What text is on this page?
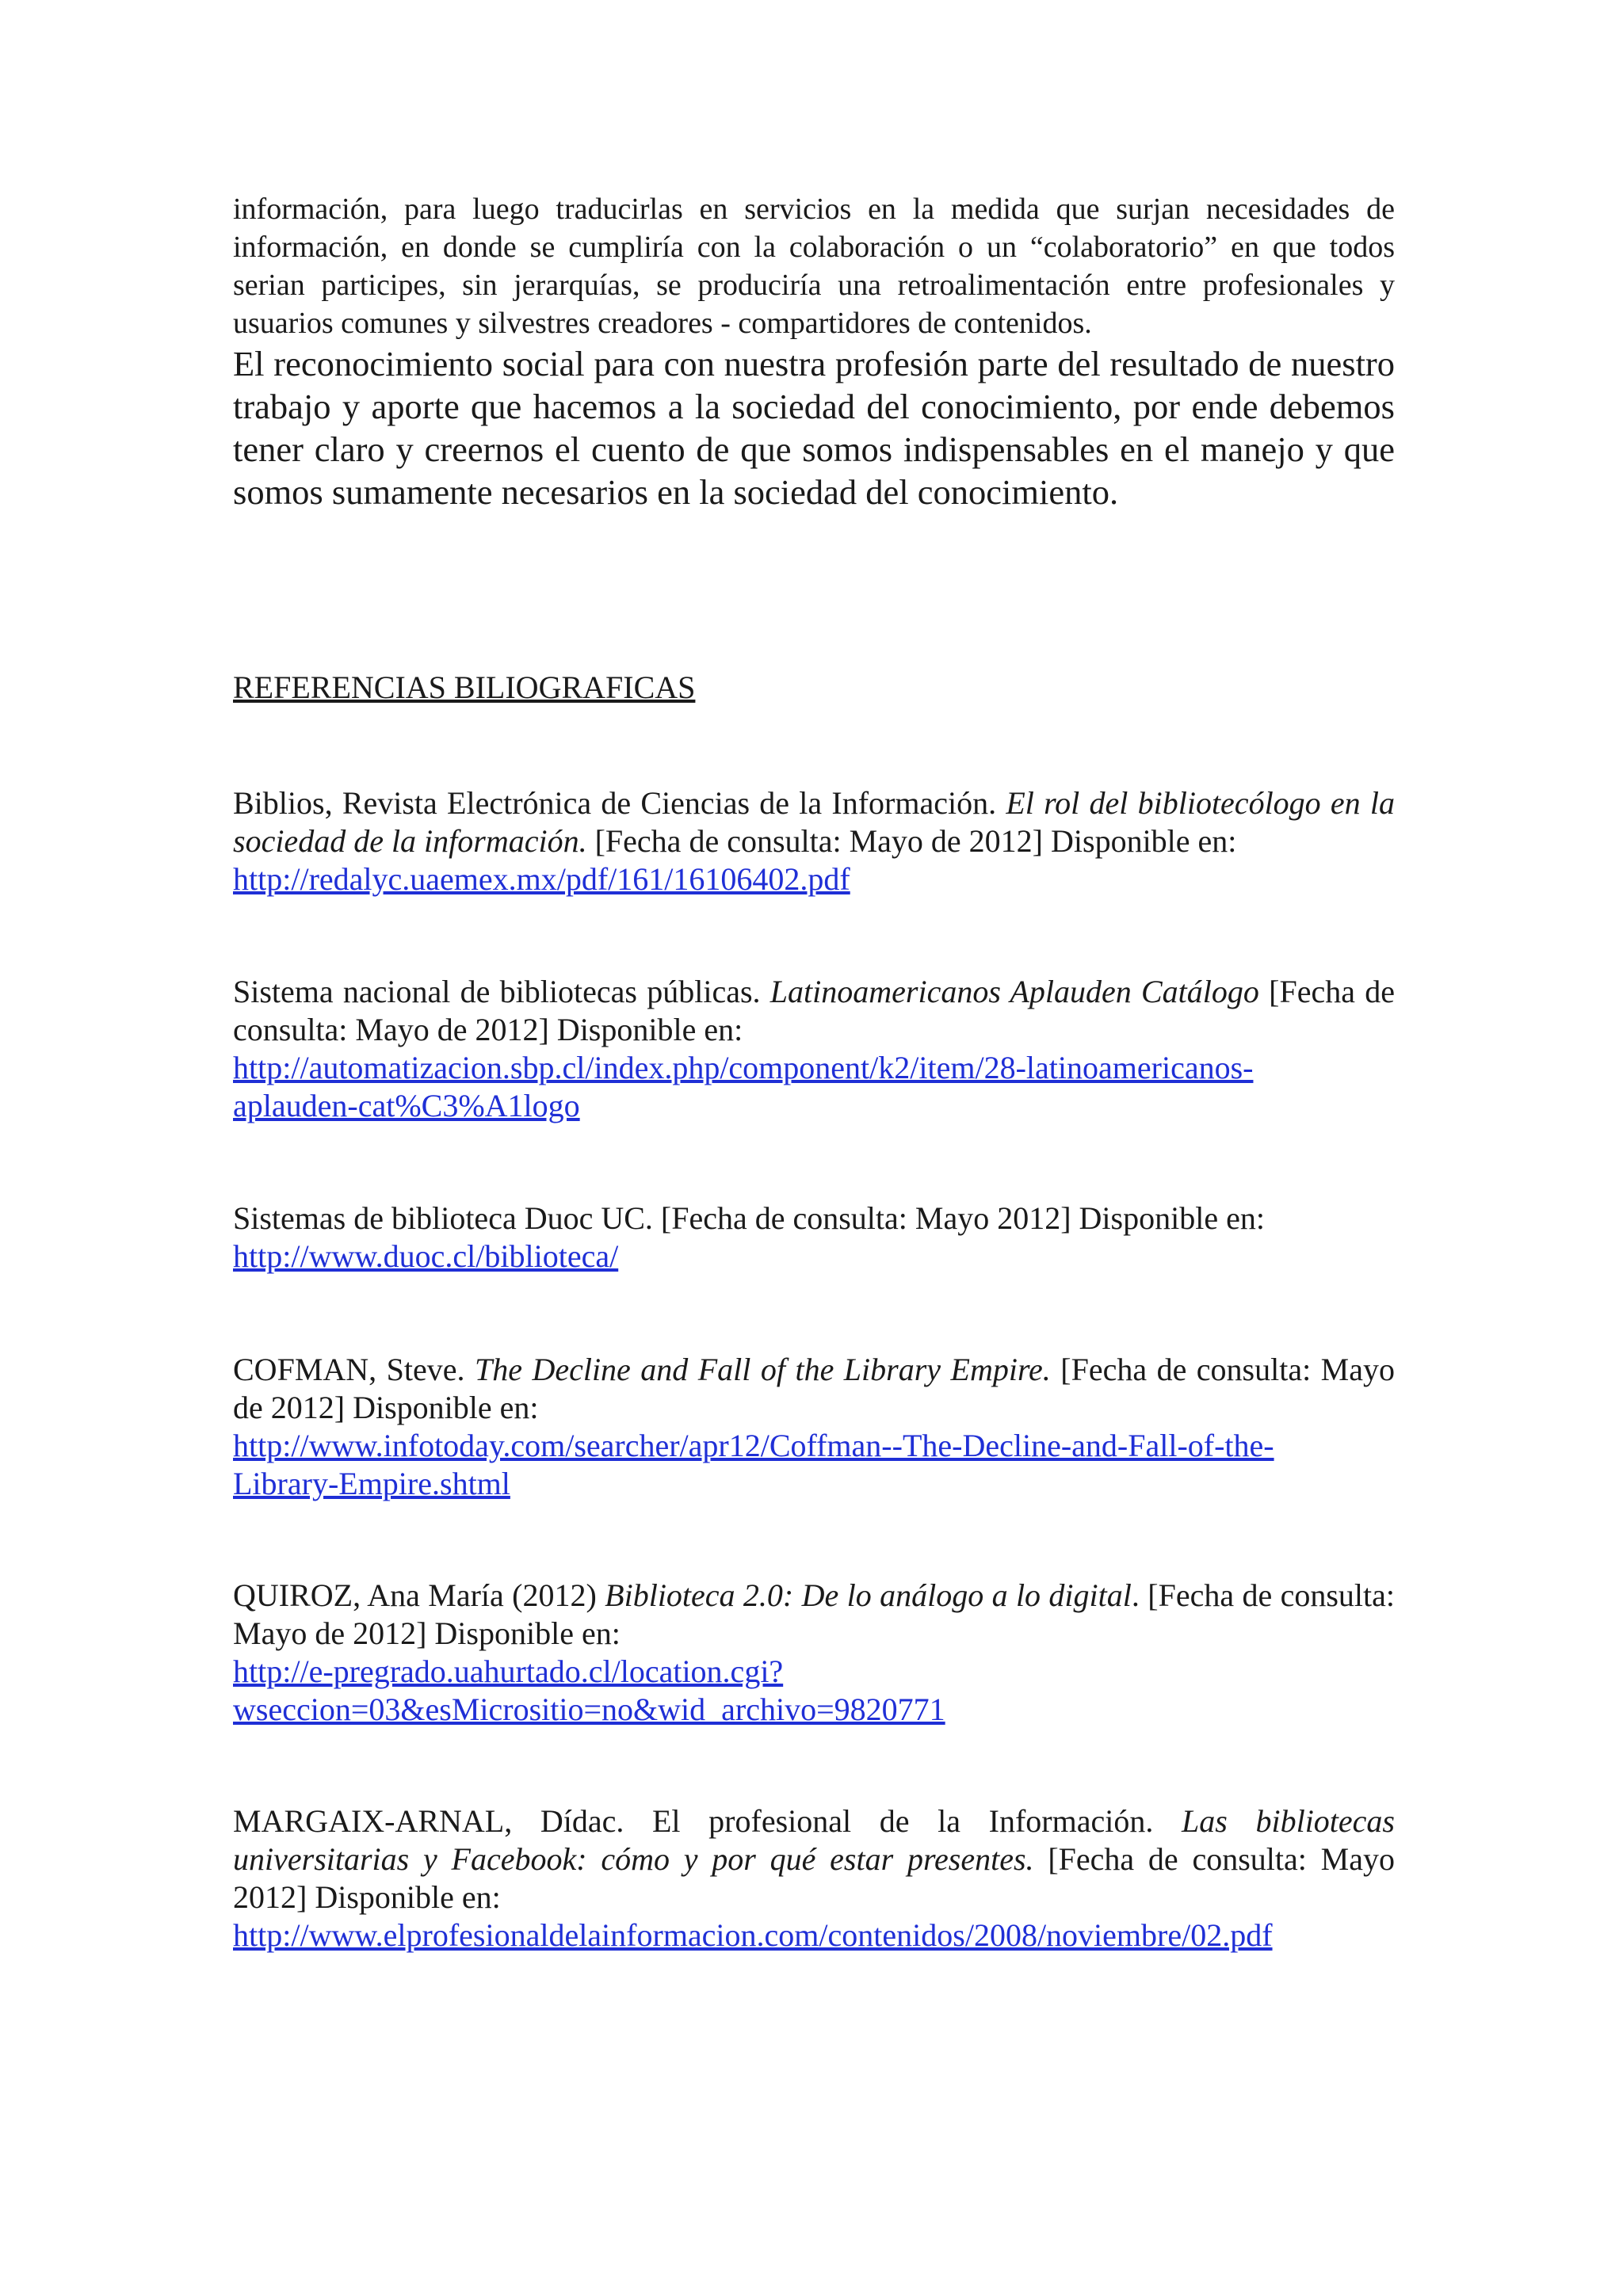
información, para luego traducirlas en servicios en la medida que surjan necesidades de información, en donde se cumpliría con la colaboración o un “colaboratorio” en que todos serian participes, sin jerarquías, se produciría una retroalimentación entre profesionales y usuarios comunes y silvestres creadores - compartidores de contenidos.

El reconocimiento social para con nuestra profesión parte del resultado de nuestro trabajo y aporte que hacemos a la sociedad del conocimiento, por ende debemos tener claro y creernos el cuento de que somos indispensables en el manejo y que somos sumamente necesarios en la sociedad del conocimiento.

REFERENCIAS BILIOGRAFICAS

Biblios, Revista Electrónica de Ciencias de la Información. El rol del bibliotecólogo en la sociedad de la información. [Fecha de consulta: Mayo de 2012] Disponible en:
http://redalyc.uaemex.mx/pdf/161/16106402.pdf

Sistema nacional de bibliotecas públicas. Latinoamericanos Aplauden Catálogo [Fecha de consulta: Mayo de 2012] Disponible en:
http://automatizacion.sbp.cl/index.php/component/k2/item/28-latinoamericanos-
aplauden-cat%C3%A1logo

Sistemas de biblioteca Duoc UC. [Fecha de consulta: Mayo 2012] Disponible en:
http://www.duoc.cl/biblioteca/

COFMAN, Steve. The Decline and Fall of the Library Empire. [Fecha de consulta: Mayo de 2012] Disponible en:
http://www.infotoday.com/searcher/apr12/Coffman--The-Decline-and-Fall-of-the-
Library-Empire.shtml

QUIROZ, Ana María (2012) Biblioteca 2.0: De lo análogo a lo digital. [Fecha de consulta: Mayo de 2012] Disponible en:
http://e-pregrado.uahurtado.cl/location.cgi?
wseccion=03&esMicrositio=no&wid_archivo=9820771

MARGAIX-ARNAL, Dídac. El profesional de la Información. Las bibliotecas universitarias y Facebook: cómo y por qué estar presentes. [Fecha de consulta: Mayo 2012] Disponible en:
http://www.elprofesionaldelainformacion.com/contenidos/2008/noviembre/02.pdf
